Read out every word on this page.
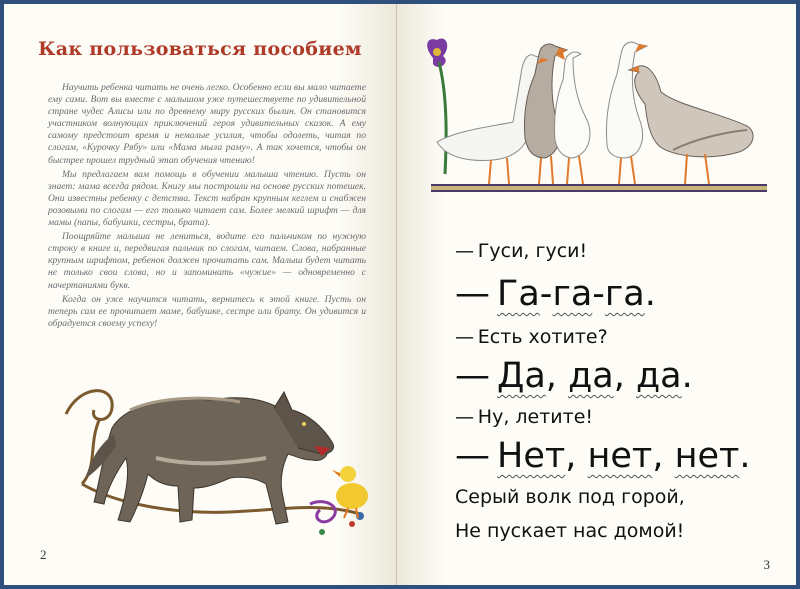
Как пользоваться пособием

Научить ребенка читать не очень легко. Особенно если вы мало читаете ему сами. Вот вы вместе с малышом уже путешествуете по удивительной стране чудес Алисы или по древнему миру русских былин. Он становится участником волнующих приключений героя удивительных сказок. А ему самому предстоит время и немалые усилия, чтобы одолеть, читая по слогам, «Курочку Рябу» или «Мама мыла раму». А так хочется, чтобы он быстрее прошел трудный этап обучения чтению!

Мы предлагаем вам помощь в обучении малыша чтению. Пусть он знает: мама всегда рядом. Книгу мы построили на основе русских потешек. Они известны ребенку с детства. Текст набран крупным кеглем и снабжен розовыми по слогам — его только читает сам. Более мелкий шрифт — для мамы (папы, бабушки, сестры, брата).

Поощряйте малыша не лениться, водите его пальчиком по нужную строку в книге и, передвигая пальчик по слогам, читаем. Слова, набранные крупным шрифтом, ребенок должен прочитать сам. Малыш будет читать не только свои слова, но и запоминать «чужие» — одновременно с начертаниями букв.

Когда он уже научится читать, вернитесь к этой книге. Пусть он теперь сам ее прочитает маме, бабушке, сестре или брату. Он удивится и обрадуется своему успеху!

2
— Гуси, гуси!
— Га-га-га.
— Есть хотите?
— Да, да, да.
— Ну, летите!
— Нет, нет, нет.
Серый волк под горой,
Не пускает нас домой!
3
